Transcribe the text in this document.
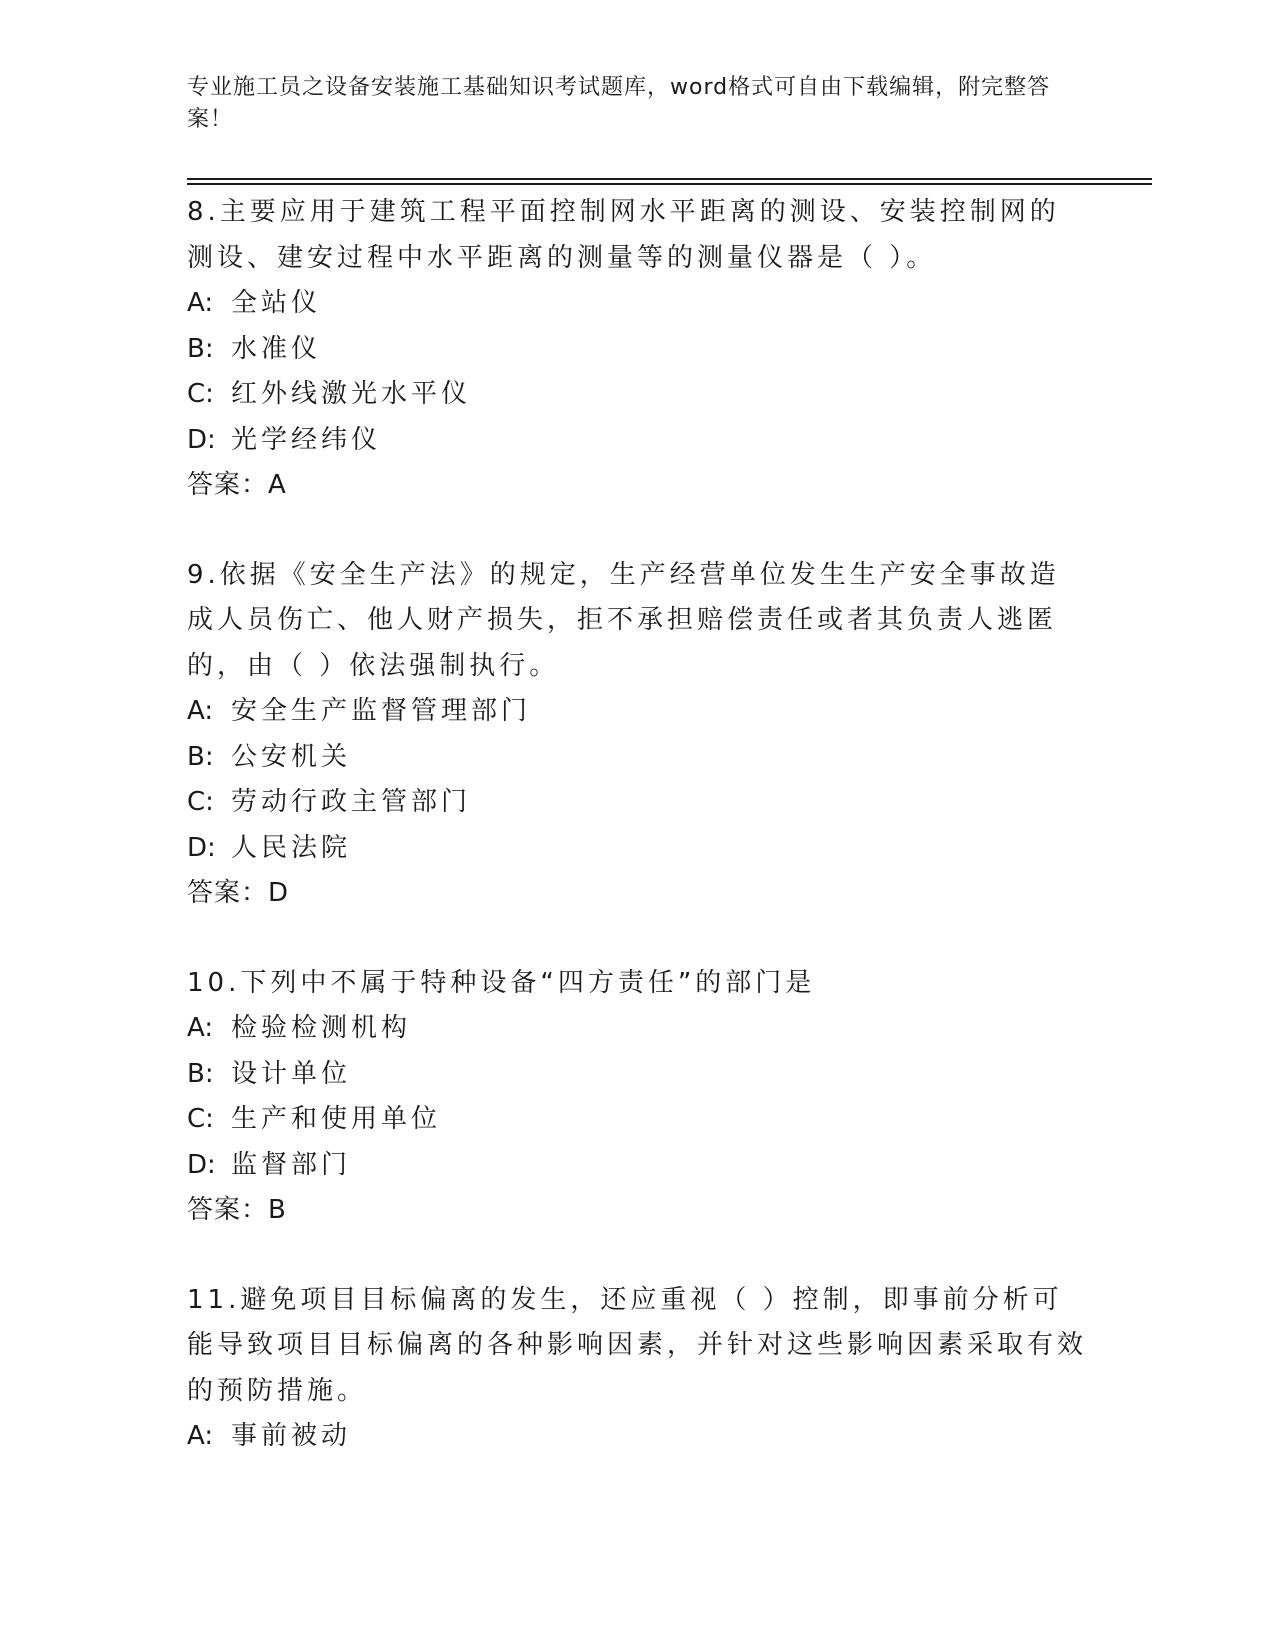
专业施工员之设备安装施工基础知识考试题库，word格式可自由下载编辑，附完整答案！

8.主要应用于建筑工程平面控制网水平距离的测设、安装控制网的测设、建安过程中水平距离的测量等的测量仪器是（ ）。

A: 全站仪

B: 水准仪

C: 红外线激光水平仪

D: 光学经纬仪

答案：A

9.依据《安全生产法》的规定，生产经营单位发生生产安全事故造成人员伤亡、他人财产损失，拒不承担赔偿责任或者其负责人逃匿的，由（ ）依法强制执行。

A: 安全生产监督管理部门

B: 公安机关

C: 劳动行政主管部门

D: 人民法院

答案：D

10.下列中不属于特种设备“四方责任”的部门是

A: 检验检测机构

B: 设计单位

C: 生产和使用单位

D: 监督部门

答案：B

11.避免项目目标偏离的发生，还应重视（ ）控制，即事前分析可能导致项目目标偏离的各种影响因素，并针对这些影响因素采取有效的预防措施。

A: 事前被动
